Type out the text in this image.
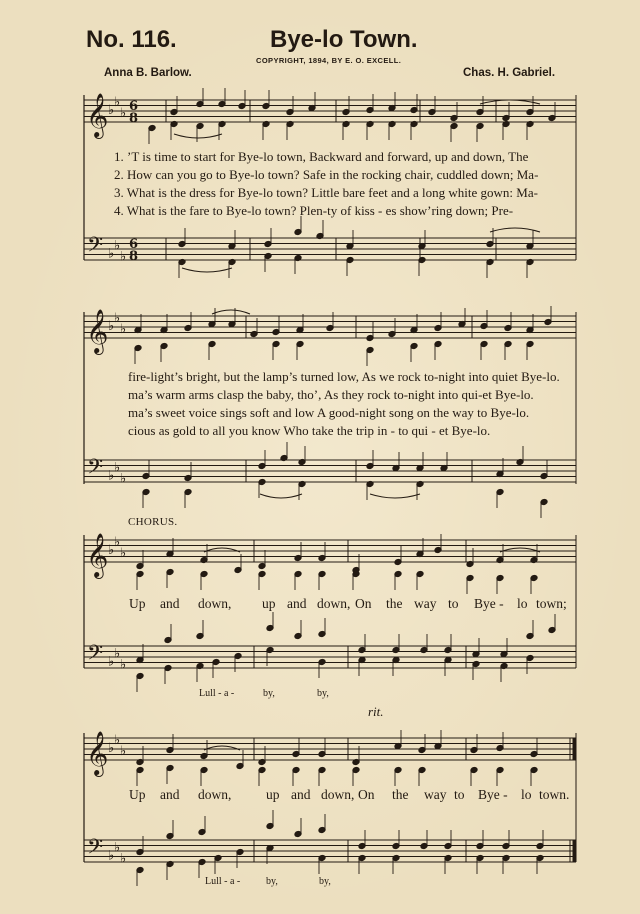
No. 116.	Bye-lo Town.
COPYRIGHT, 1894, BY E. O. EXCELL.
Anna B. Barlow.	Chas. H. Gabriel.
𝄞 ♭
♭
♭ 6
8
𝄢 ♭
♭
♭
6
8
𝄞 ♭
♭
♭
𝄢 ♭
♭
♭
𝄞 ♭
♭
♭
𝄢 ♭
♭
♭
𝄞 ♭
♭
♭
𝄢 ♭
♭
♭
1. ’T is time to start for Bye-lo town, Backward and forward, up and down, The
2. How can you go to Bye-lo town? Safe in the rocking chair, cuddled down; Ma-
3. What is the dress for Bye-lo town? Little bare feet and a long white gown: Ma-
4. What is the fare to Bye-lo town? Plen-ty of kiss - es show’ring down; Pre-
fire-light’s bright, but the lamp’s turned low, As we rock to-night into quiet Bye-lo.
ma’s warm arms clasp the baby, tho’, As they rock to-night into qui-et Bye-lo.
ma’s sweet voice sings soft and low A good-night song on the way to Bye-lo.
cious as gold to all you know Who take the trip in - to qui - et Bye-lo.
CHORUS.
Up and down, up and down, On the way to Bye - lo town;
Lull - a -	by,	by,
rit.
Up and down,	up and down, On the way to Bye - lo town.
Lull - a -	by,	by,
